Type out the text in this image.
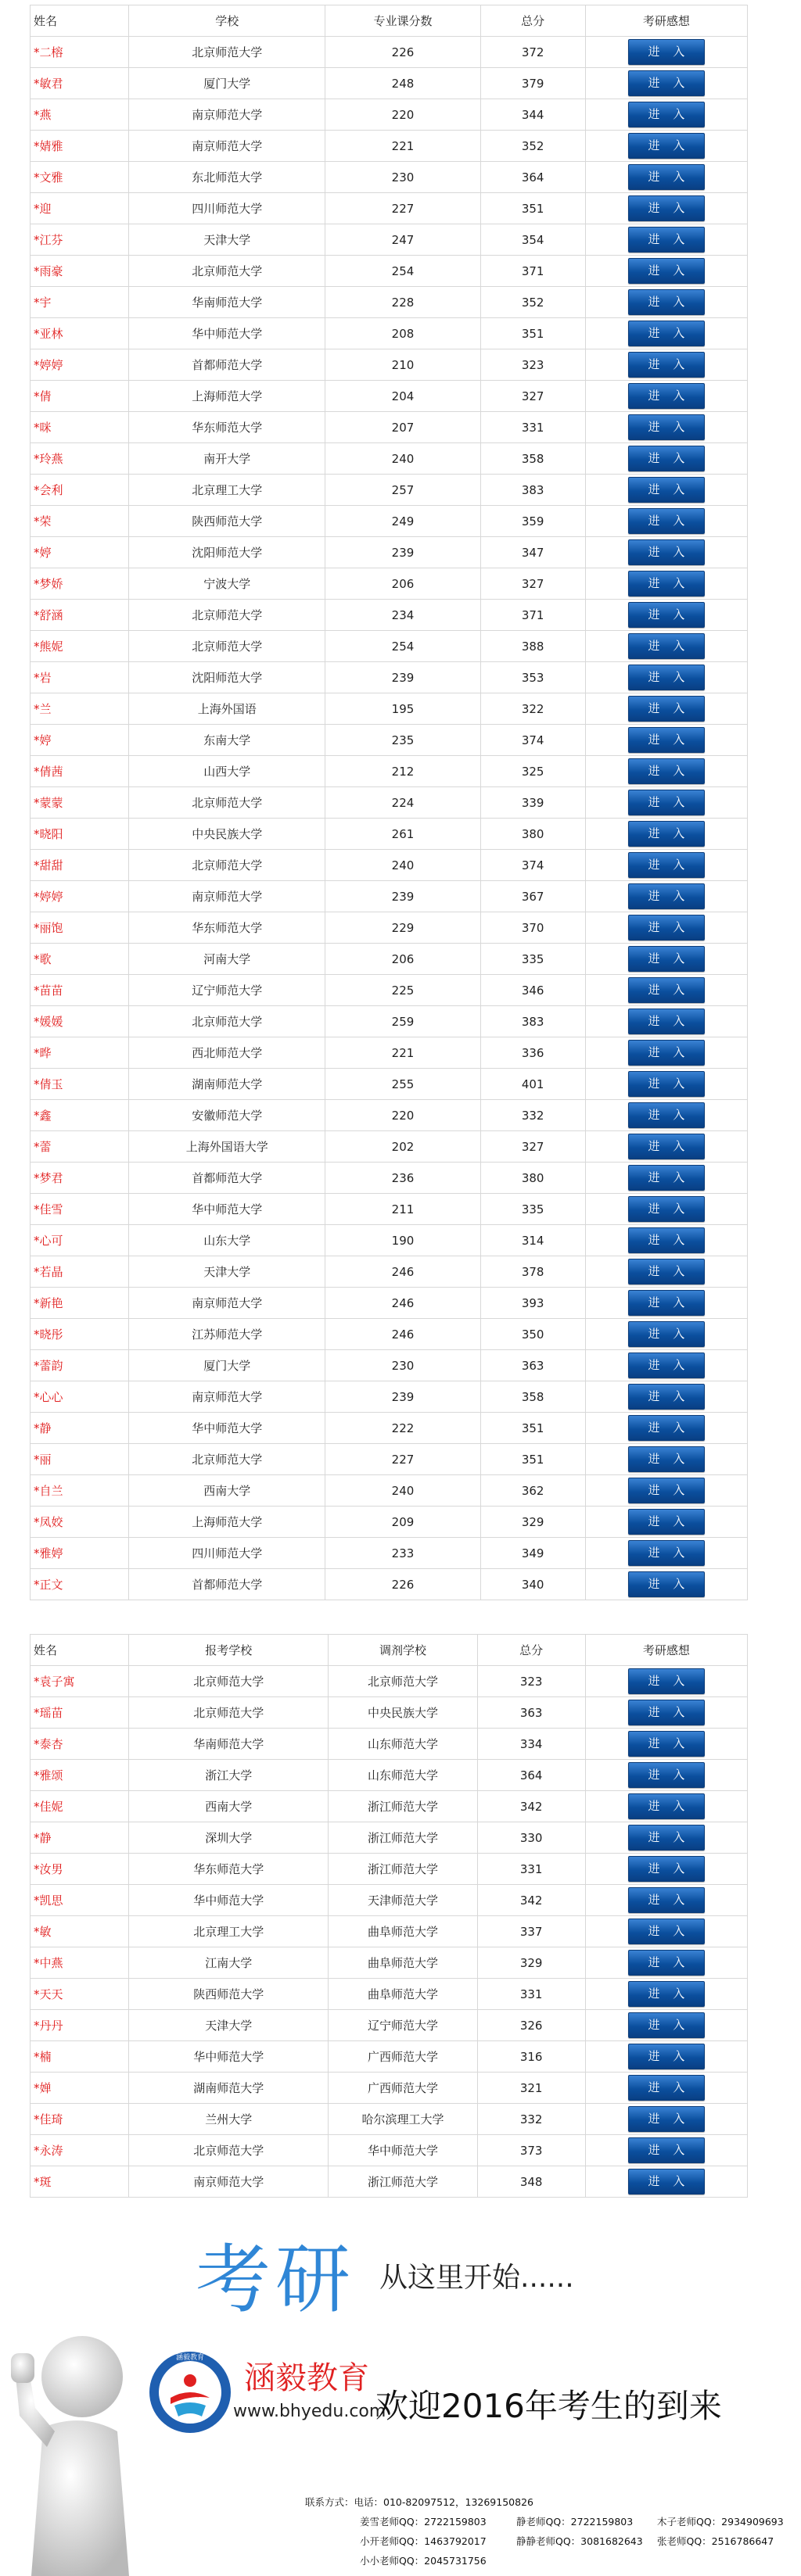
姓名	学校	专业课分数	总分	考研感想
*二榕	北京师范大学	226	372	进 入
*敏君	厦门大学	248	379	进 入
*燕	南京师范大学	220	344	进 入
*婧雅	南京师范大学	221	352	进 入
*文雅	东北师范大学	230	364	进 入
*迎	四川师范大学	227	351	进 入
*江芬	天津大学	247	354	进 入
*雨豪	北京师范大学	254	371	进 入
*宇	华南师范大学	228	352	进 入
*亚林	华中师范大学	208	351	进 入
*婷婷	首都师范大学	210	323	进 入
*倩	上海师范大学	204	327	进 入
*咪	华东师范大学	207	331	进 入
*玲燕	南开大学	240	358	进 入
*会利	北京理工大学	257	383	进 入
*荣	陕西师范大学	249	359	进 入
*婷	沈阳师范大学	239	347	进 入
*梦娇	宁波大学	206	327	进 入
*舒涵	北京师范大学	234	371	进 入
*熊妮	北京师范大学	254	388	进 入
*岩	沈阳师范大学	239	353	进 入
*兰	上海外国语	195	322	进 入
*婷	东南大学	235	374	进 入
*倩茜	山西大学	212	325	进 入
*蒙蒙	北京师范大学	224	339	进 入
*晓阳	中央民族大学	261	380	进 入
*甜甜	北京师范大学	240	374	进 入
*婷婷	南京师范大学	239	367	进 入
*丽饱	华东师范大学	229	370	进 入
*歌	河南大学	206	335	进 入
*苗苗	辽宁师范大学	225	346	进 入
*媛媛	北京师范大学	259	383	进 入
*晔	西北师范大学	221	336	进 入
*倩玉	湖南师范大学	255	401	进 入
*鑫	安徽师范大学	220	332	进 入
*蕾	上海外国语大学	202	327	进 入
*梦君	首都师范大学	236	380	进 入
*佳雪	华中师范大学	211	335	进 入
*心可	山东大学	190	314	进 入
*若晶	天津大学	246	378	进 入
*新艳	南京师范大学	246	393	进 入
*晓彤	江苏师范大学	246	350	进 入
*蕾韵	厦门大学	230	363	进 入
*心心	南京师范大学	239	358	进 入
*静	华中师范大学	222	351	进 入
*丽	北京师范大学	227	351	进 入
*自兰	西南大学	240	362	进 入
*凤姣	上海师范大学	209	329	进 入
*雅婷	四川师范大学	233	349	进 入
*正文	首都师范大学	226	340	进 入
姓名	报考学校	调剂学校	总分	考研感想
*袁子寓	北京师范大学	北京师范大学	323	进 入
*瑶苗	北京师范大学	中央民族大学	363	进 入
*泰杏	华南师范大学	山东师范大学	334	进 入
*雅颂	浙江大学	山东师范大学	364	进 入
*佳妮	西南大学	浙江师范大学	342	进 入
*静	深圳大学	浙江师范大学	330	进 入
*汝男	华东师范大学	浙江师范大学	331	进 入
*凯思	华中师范大学	天津师范大学	342	进 入
*敏	北京理工大学	曲阜师范大学	337	进 入
*中燕	江南大学	曲阜师范大学	329	进 入
*天天	陕西师范大学	曲阜师范大学	331	进 入
*丹丹	天津大学	辽宁师范大学	326	进 入
*楠	华中师范大学	广西师范大学	316	进 入
*婵	湖南师范大学	广西师范大学	321	进 入
*佳琦	兰州大学	哈尔滨理工大学	332	进 入
*永涛	北京师范大学	华中师范大学	373	进 入
*斑	南京师范大学	浙江师范大学	348	进 入
考研 从这里开始......
涵毅教育
涵毅教育
www.bhyedu.com
欢迎2016年考生的到来
联系方式：电话：010-82097512，13269150826
姜雪老师QQ：2722159803	静老师QQ：2722159803 木子老师QQ：2934909693
小开老师QQ：1463792017	静静老师QQ：3081682643 张老师QQ：2516786647
小小老师QQ：2045731756
